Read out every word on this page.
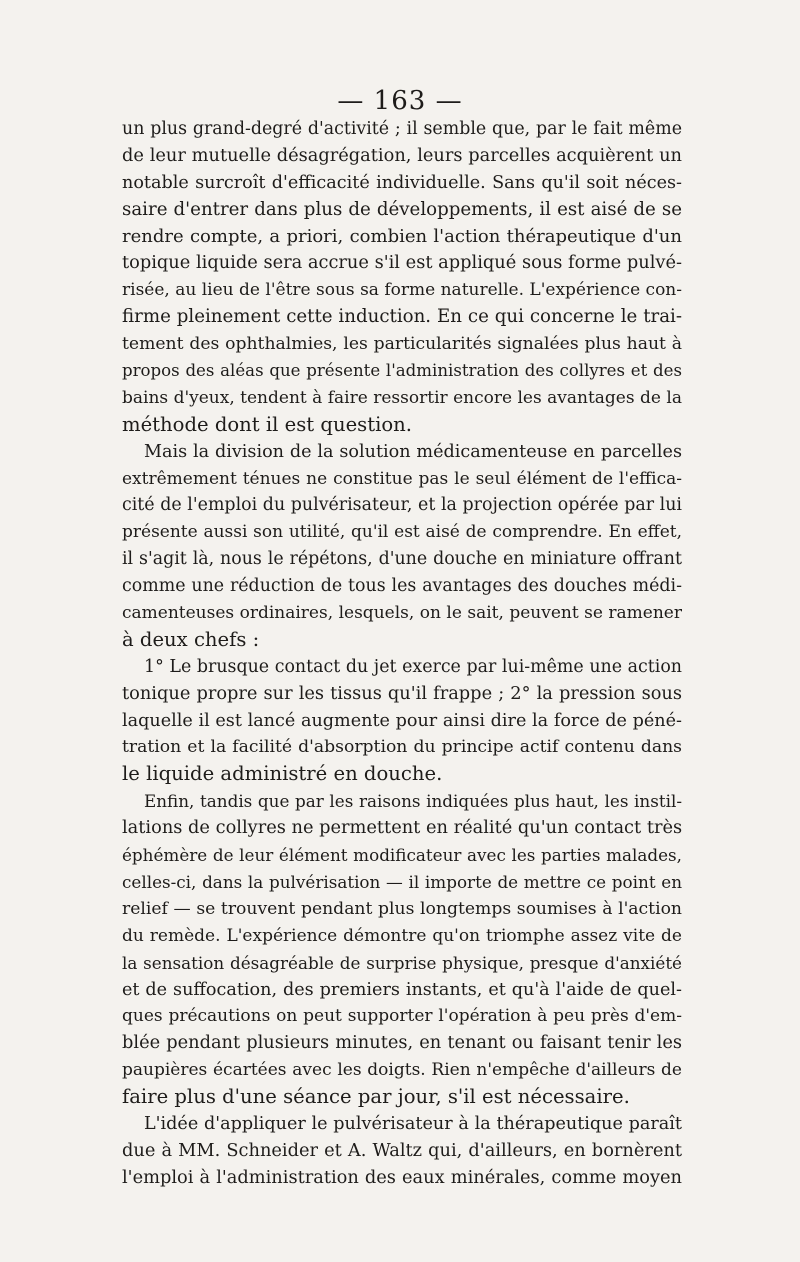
— 163 —
un plus grand-degré d'activité ; il semble que, par le fait même
de leur mutuelle désagrégation, leurs parcelles acquièrent un
notable surcroît d'efficacité individuelle. Sans qu'il soit néces-
saire d'entrer dans plus de développements, il est aisé de se
rendre compte, a priori, combien l'action thérapeutique d'un
topique liquide sera accrue s'il est appliqué sous forme pulvé-
risée, au lieu de l'être sous sa forme naturelle. L'expérience con-
firme pleinement cette induction. En ce qui concerne le trai-
tement des ophthalmies, les particularités signalées plus haut à
propos des aléas que présente l'administration des collyres et des
bains d'yeux, tendent à faire ressortir encore les avantages de la
méthode dont il est question.
Mais la division de la solution médicamenteuse en parcelles
extrêmement ténues ne constitue pas le seul élément de l'effica-
cité de l'emploi du pulvérisateur, et la projection opérée par lui
présente aussi son utilité, qu'il est aisé de comprendre. En effet,
il s'agit là, nous le répétons, d'une douche en miniature offrant
comme une réduction de tous les avantages des douches médi-
camenteuses ordinaires, lesquels, on le sait, peuvent se ramener
à deux chefs :
1° Le brusque contact du jet exerce par lui-même une action
tonique propre sur les tissus qu'il frappe ; 2° la pression sous
laquelle il est lancé augmente pour ainsi dire la force de péné-
tration et la facilité d'absorption du principe actif contenu dans
le liquide administré en douche.
Enfin, tandis que par les raisons indiquées plus haut, les instil-
lations de collyres ne permettent en réalité qu'un contact très
éphémère de leur élément modificateur avec les parties malades,
celles-ci, dans la pulvérisation — il importe de mettre ce point en
relief — se trouvent pendant plus longtemps soumises à l'action
du remède. L'expérience démontre qu'on triomphe assez vite de
la sensation désagréable de surprise physique, presque d'anxiété
et de suffocation, des premiers instants, et qu'à l'aide de quel-
ques précautions on peut supporter l'opération à peu près d'em-
blée pendant plusieurs minutes, en tenant ou faisant tenir les
paupières écartées avec les doigts. Rien n'empêche d'ailleurs de
faire plus d'une séance par jour, s'il est nécessaire.
L'idée d'appliquer le pulvérisateur à la thérapeutique paraît
due à MM. Schneider et A. Waltz qui, d'ailleurs, en bornèrent
l'emploi à l'administration des eaux minérales, comme moyen
